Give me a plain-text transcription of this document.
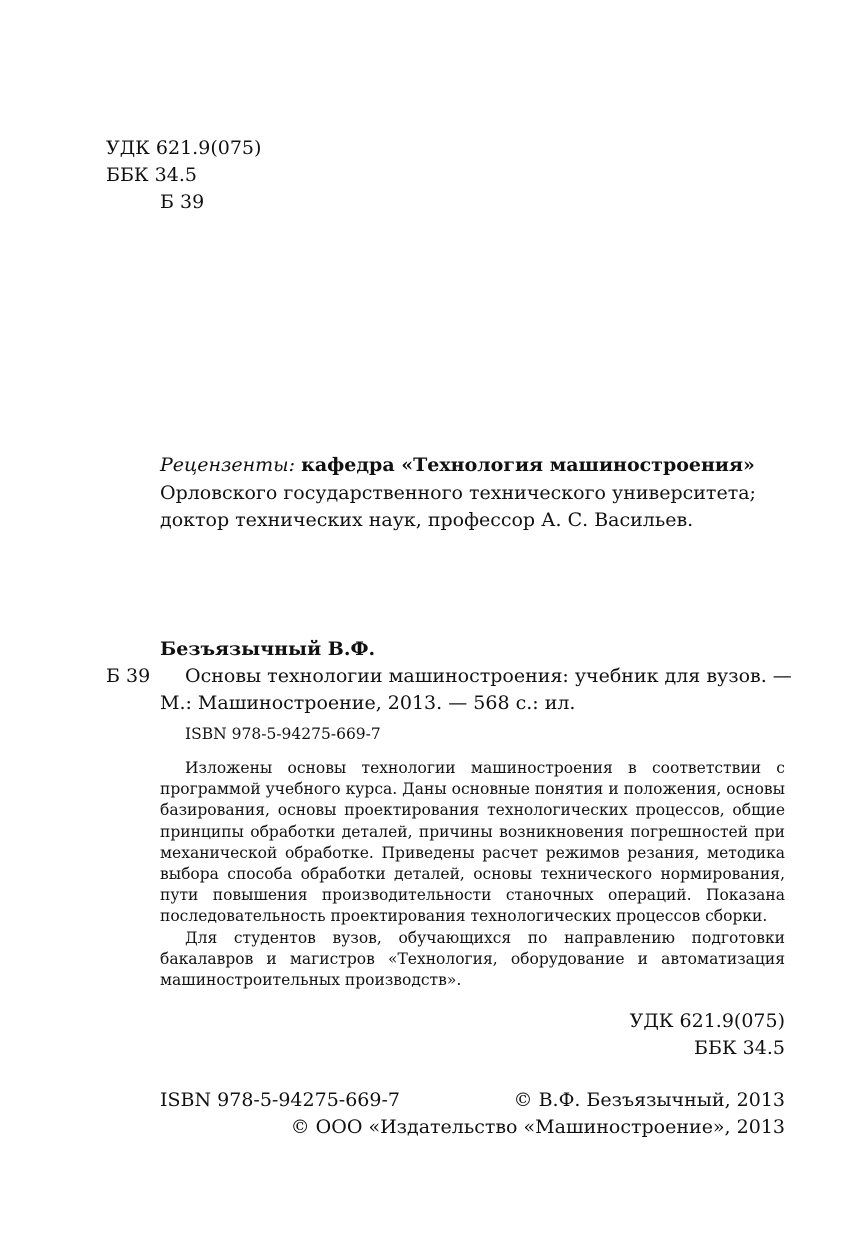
УДК 621.9(075)
ББК 34.5
Б 39
Рецензенты: кафедра «Технология машиностроения»
Орловского государственного технического университета;
доктор технических наук, профессор А. С. Васильев.
Безъязычный В.Ф.
Б 39 Основы технологии машиностроения: учебник для вузов. —
М.: Машиностроение, 2013. — 568 с.: ил.
ISBN 978-5-94275-669-7

Изложены основы технологии машиностроения в соответствии с программой учебного курса. Даны основные понятия и положения, основы базирования, основы проектирования технологических процессов, общие принципы обработки деталей, причины возникновения погрешностей при механической обработке. Приведены расчет режимов резания, методика выбора способа обработки деталей, основы технического нормирования, пути повышения производительности станочных операций. Показана последовательность проектирования технологических процессов сборки.

Для студентов вузов, обучающихся по направлению подготовки бакалавров и магистров «Технология, оборудование и автоматизация машиностроительных производств».

УДК 621.9(075)
ББК 34.5
ISBN 978-5-94275-669-7	© В.Ф. Безъязычный, 2013
© ООО «Издательство «Машиностроение», 2013
